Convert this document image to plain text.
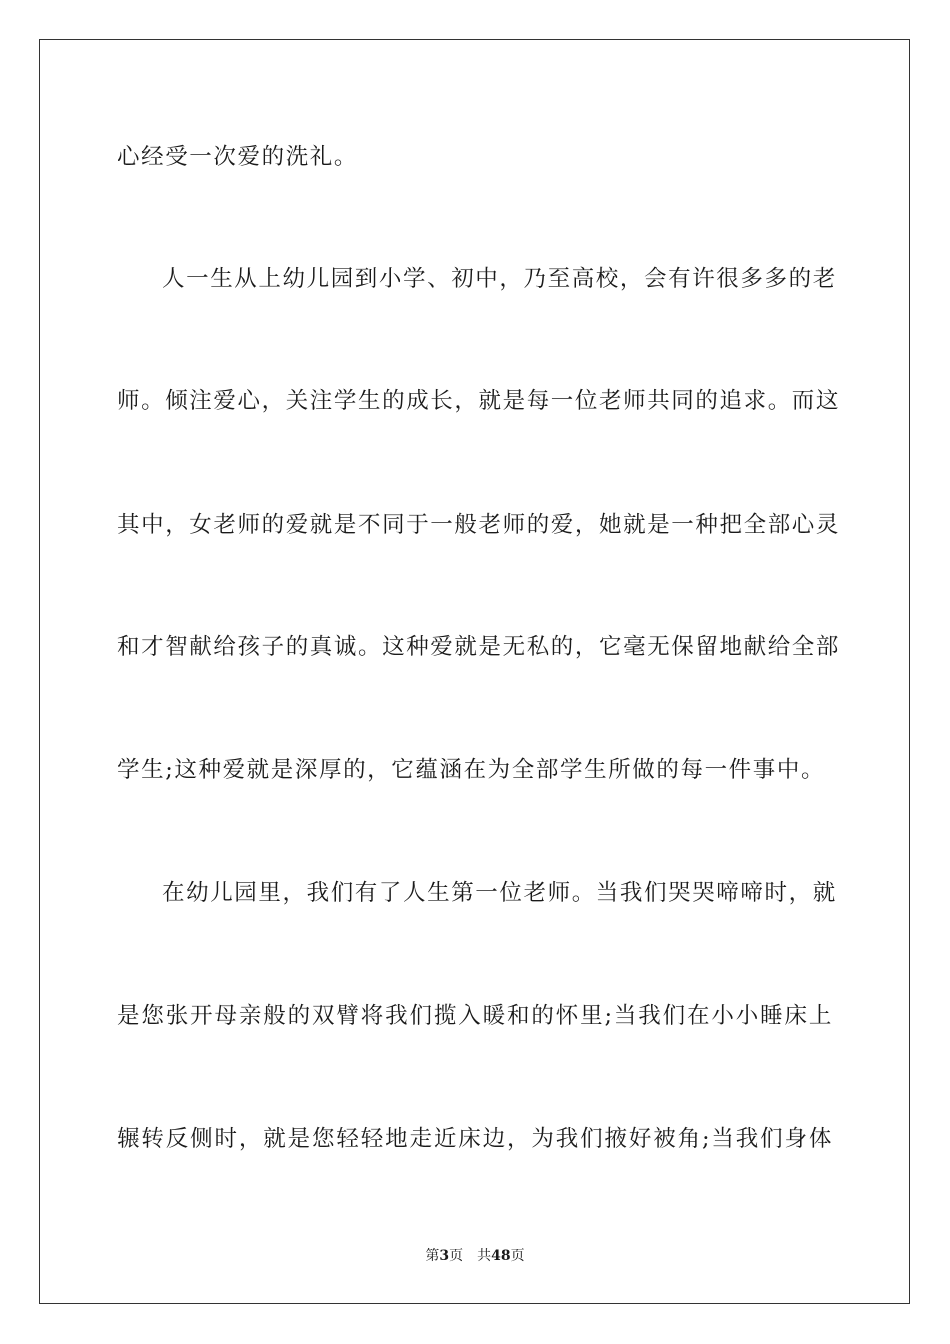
心经受一次爱的洗礼。
人一生从上幼儿园到小学、初中，乃至高校，会有许很多多的老
师。倾注爱心，关注学生的成长，就是每一位老师共同的追求。而这
其中，女老师的爱就是不同于一般老师的爱，她就是一种把全部心灵
和才智献给孩子的真诚。这种爱就是无私的，它毫无保留地献给全部
学生;这种爱就是深厚的，它蕴涵在为全部学生所做的每一件事中。
在幼儿园里，我们有了人生第一位老师。当我们哭哭啼啼时，就
是您张开母亲般的双臂将我们揽入暖和的怀里;当我们在小小睡床上
辗转反侧时，就是您轻轻地走近床边，为我们掖好被角;当我们身体
第3页 共48页
